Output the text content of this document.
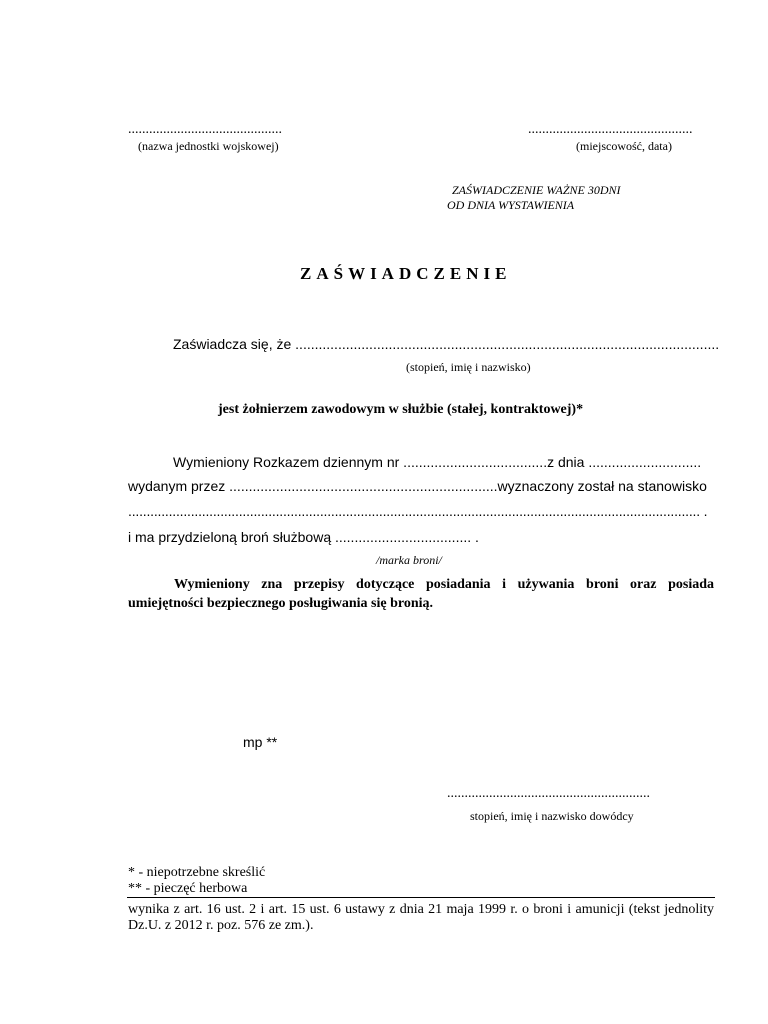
............................................
(nazwa jednostki wojskowej)
...............................................
(miejscowość, data)
ZAŚWIADCZENIE WAŻNE 30DNI
OD DNIA WYSTAWIENIA
ZAŚWIADCZENIE
Zaświadcza się, że .............................................................................................................
(stopień, imię i nazwisko)
jest żołnierzem zawodowym w służbie (stałej, kontraktowej)*
Wymieniony Rozkazem dziennym nr .....................................z dnia .............................
wydanym przez .....................................................................wyznaczony został na stanowisko
........................................................................................................................................................... .
i ma przydzieloną broń służbową ................................... .
/marka broni/
Wymieniony zna przepisy dotyczące posiadania i używania broni oraz posiada umiejętności bezpiecznego posługiwania się bronią.
mp **
..........................................................
stopień, imię i nazwisko dowódcy
* - niepotrzebne skreślić
** - pieczęć herbowa
wynika z art. 16 ust. 2 i art. 15 ust. 6 ustawy z dnia 21 maja 1999 r. o broni i amunicji (tekst jednolity Dz.U. z 2012 r. poz. 576 ze zm.).
